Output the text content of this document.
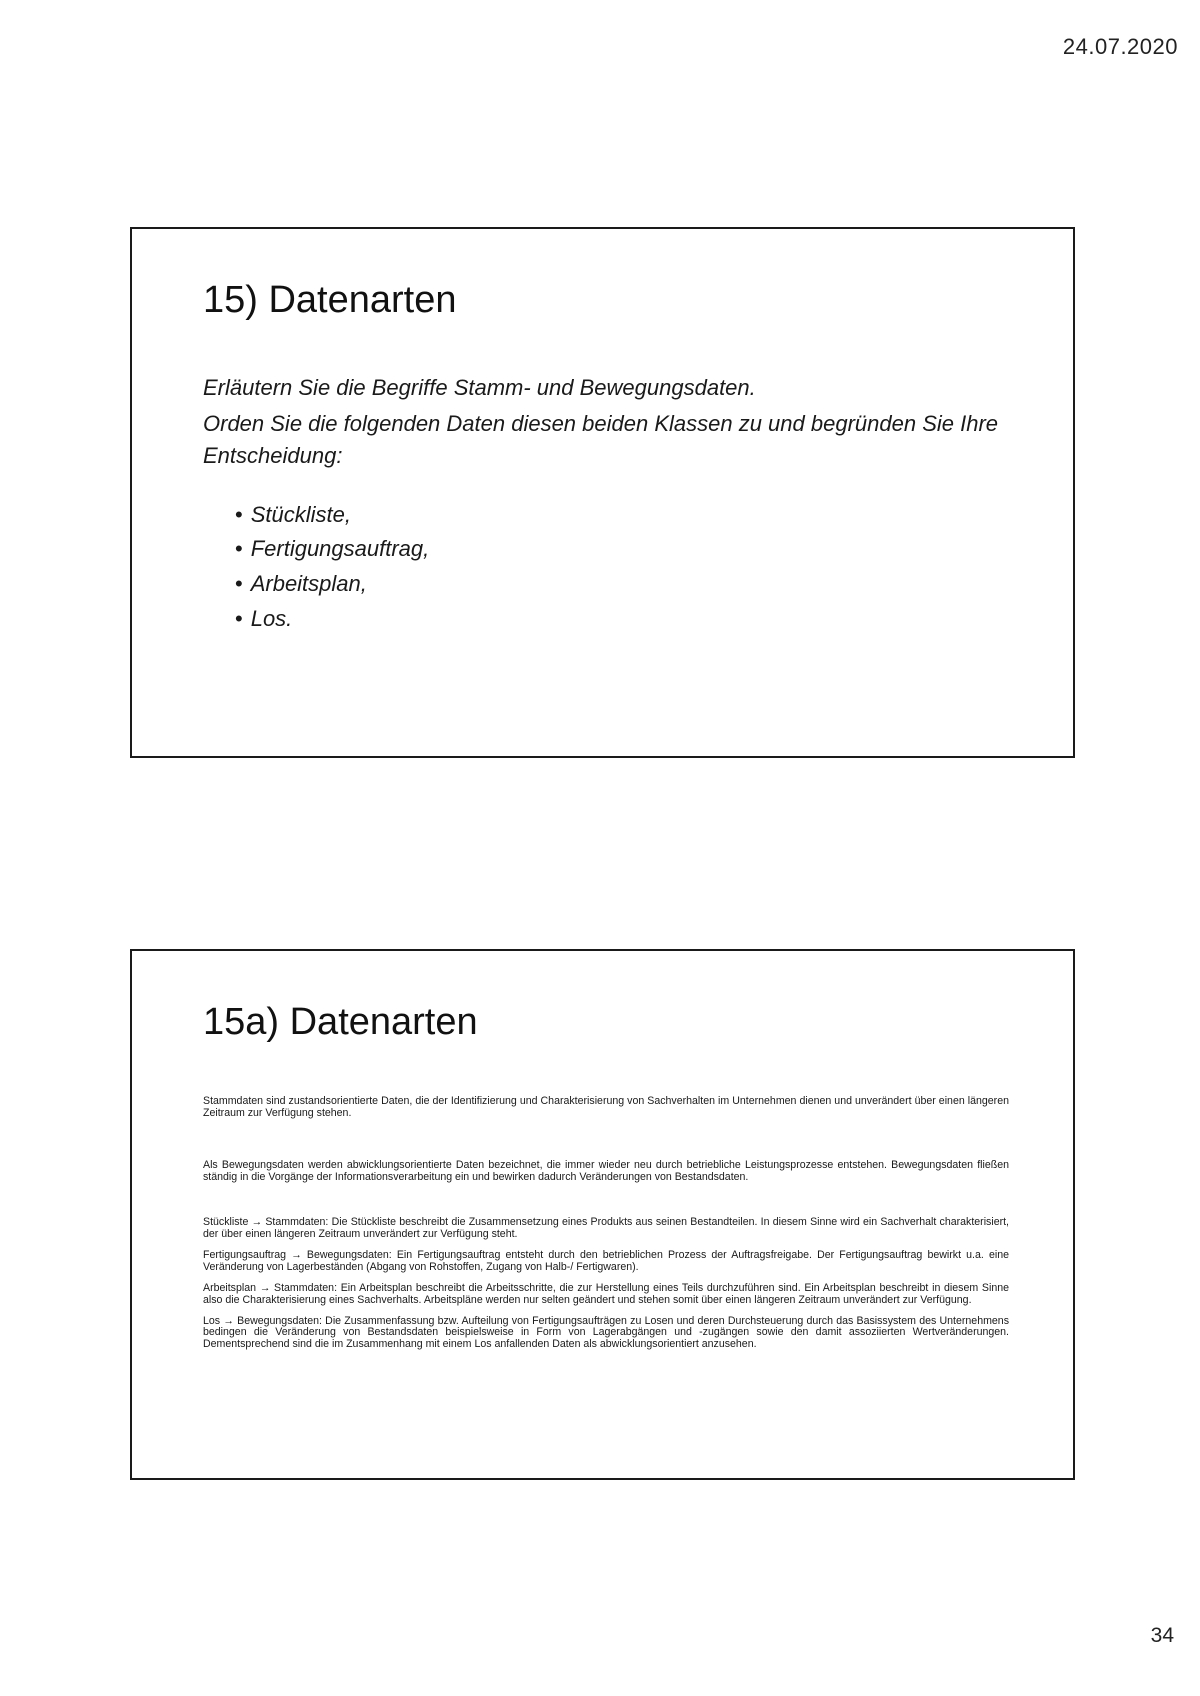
24.07.2020
15) Datenarten

Erläutern Sie die Begriffe Stamm- und Bewegungsdaten.

Orden Sie die folgenden Daten diesen beiden Klassen zu und begründen Sie Ihre Entscheidung:

• Stückliste,
• Fertigungsauftrag,
• Arbeitsplan,
• Los.
15a) Datenarten

Stammdaten sind zustandsorientierte Daten, die der Identifizierung und Charakterisierung von Sachverhalten im Unternehmen dienen und unverändert über einen längeren Zeitraum zur Verfügung stehen.

Als Bewegungsdaten werden abwicklungsorientierte Daten bezeichnet, die immer wieder neu durch betriebliche Leistungsprozesse entstehen. Bewegungsdaten fließen ständig in die Vorgänge der Informationsverarbeitung ein und bewirken dadurch Veränderungen von Bestandsdaten.

Stückliste → Stammdaten: Die Stückliste beschreibt die Zusammensetzung eines Produkts aus seinen Bestandteilen. In diesem Sinne wird ein Sachverhalt charakterisiert, der über einen längeren Zeitraum unverändert zur Verfügung steht.

Fertigungsauftrag → Bewegungsdaten: Ein Fertigungsauftrag entsteht durch den betrieblichen Prozess der Auftragsfreigabe. Der Fertigungsauftrag bewirkt u.a. eine Veränderung von Lagerbeständen (Abgang von Rohstoffen, Zugang von Halb-/ Fertigwaren).

Arbeitsplan → Stammdaten: Ein Arbeitsplan beschreibt die Arbeitsschritte, die zur Herstellung eines Teils durchzuführen sind. Ein Arbeitsplan beschreibt in diesem Sinne also die Charakterisierung eines Sachverhalts. Arbeitspläne werden nur selten geändert und stehen somit über einen längeren Zeitraum unverändert zur Verfügung.

Los → Bewegungsdaten: Die Zusammenfassung bzw. Aufteilung von Fertigungsaufträgen zu Losen und deren Durchsteuerung durch das Basissystem des Unternehmens bedingen die Veränderung von Bestandsdaten beispielsweise in Form von Lagerabgängen und -zugängen sowie den damit assoziierten Wertveränderungen. Dementsprechend sind die im Zusammenhang mit einem Los anfallenden Daten als abwicklungsorientiert anzusehen.

34
